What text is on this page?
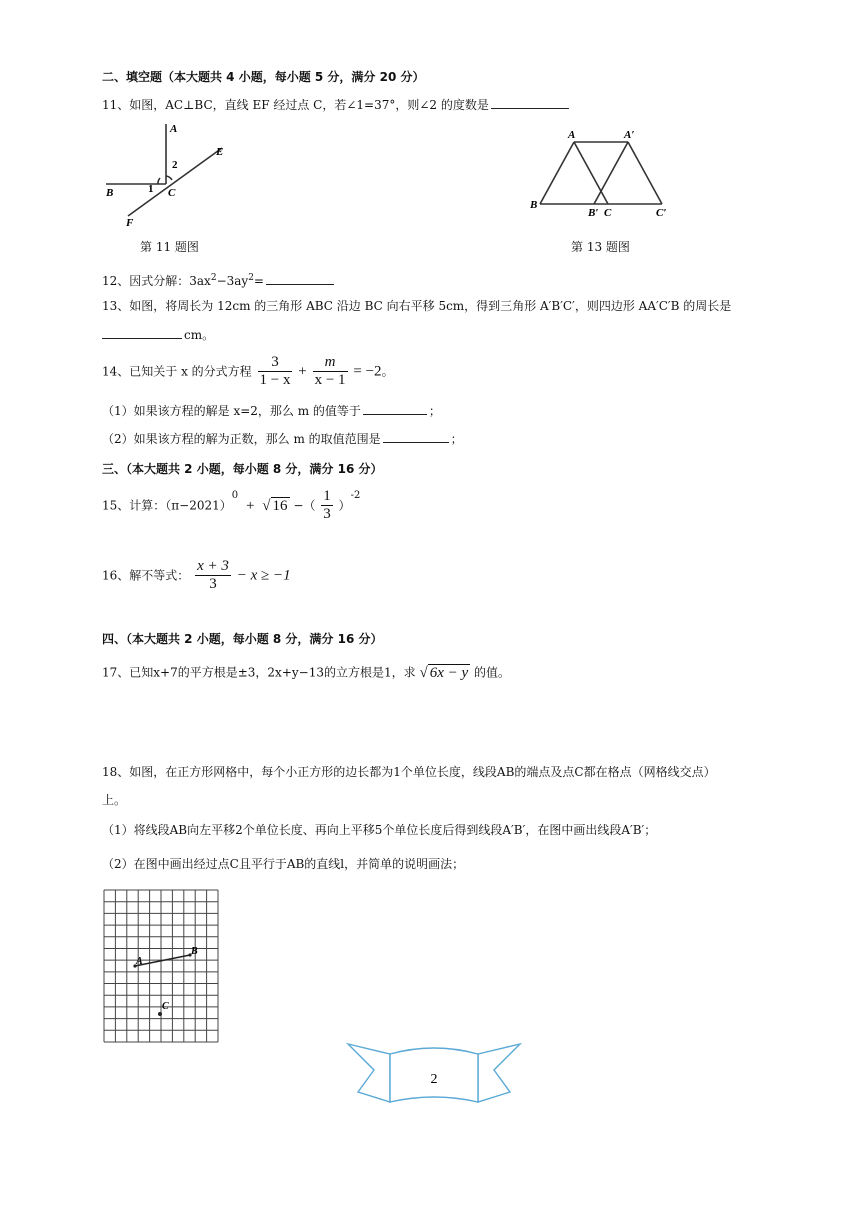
二、填空题（本大题共 4 小题，每小题 5 分，满分 20 分）
11、如图，AC⊥BC，直线 EF 经过点 C，若∠1=37°，则∠2 的度数是
A
B	C
E
F
1
2
第 11 题图
A	A′
B
B′ C	C′
第 13 题图
12、因式分解：$3ax^2-3ay^2=$
13、如图，将周长为 12cm 的三角形 ABC 沿边 BC 向右平移 5cm，得到三角形 A′B′C′，则四边形 AA′C′B 的周长是
cm。
14、已知关于 x 的分式方程 $\frac{3}{1 - x} + \frac{m}{x - 1} = -2$。
（1）如果该方程的解是 x=2，那么 m 的值等于	；
（2）如果该方程的解为正数，那么 m 的取值范围是	；
三、（本大题共 2 小题，每小题 8 分，满分 16 分）
15、计算：$(\pi-2021)^0$ + √ 16 −（ $\frac{1}{3} )^{-2}$
16、解不等式： $\frac{x + 3}{3} - x \ge -1$
四、（本大题共 2 小题，每小题 8 分，满分 16 分）
17、已知x+7的平方根是±3，2x+y−13的立方根是1，求 √ 6x − y 的值。
18、如图，在正方形网格中，每个小正方形的边长都为1个单位长度，线段AB的端点及点C都在格点（网格线交点）
上。
（1）将线段AB向左平移2个单位长度、再向上平移5个单位长度后得到线段A′B′，在图中画出线段A′B′；
（2）在图中画出经过点C且平行于AB的直线l，并简单的说明画法；
A
B
C
2
